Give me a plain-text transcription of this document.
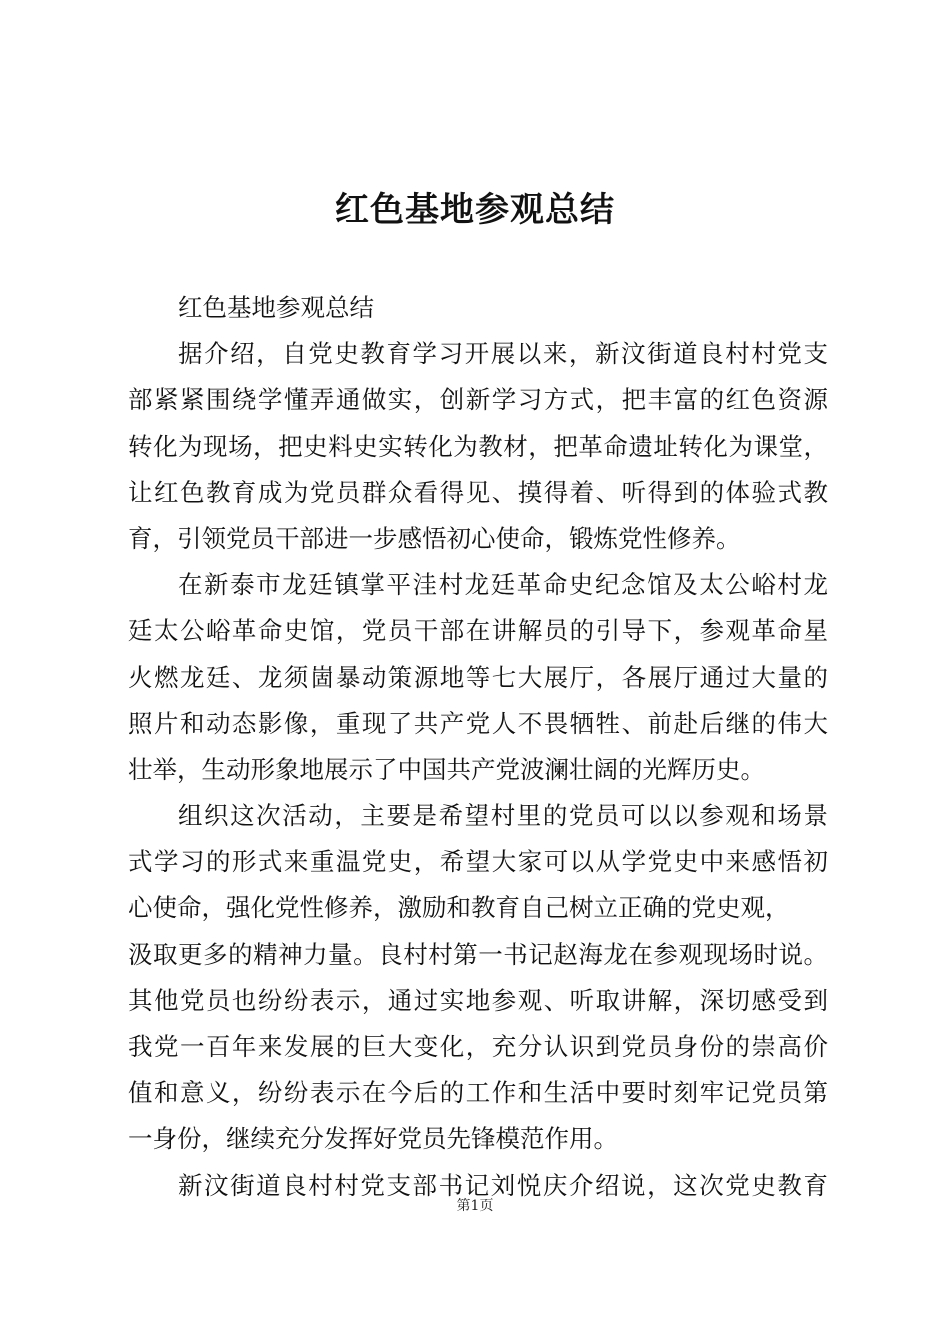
红色基地参观总结
红色基地参观总结
据介绍，自党史教育学习开展以来，新汶街道良村村党支
部紧紧围绕学懂弄通做实，创新学习方式，把丰富的红色资源
转化为现场，把史料史实转化为教材，把革命遗址转化为课堂，
让红色教育成为党员群众看得见、摸得着、听得到的体验式教
育，引领党员干部进一步感悟初心使命，锻炼党性修养。
在新泰市龙廷镇掌平洼村龙廷革命史纪念馆及太公峪村龙
廷太公峪革命史馆，党员干部在讲解员的引导下，参观革命星
火燃龙廷、龙须崮暴动策源地等七大展厅，各展厅通过大量的
照片和动态影像，重现了共产党人不畏牺牲、前赴后继的伟大
壮举，生动形象地展示了中国共产党波澜壮阔的光辉历史。
组织这次活动，主要是希望村里的党员可以以参观和场景
式学习的形式来重温党史，希望大家可以从学党史中来感悟初
心使命，强化党性修养，激励和教育自己树立正确的党史观，
汲取更多的精神力量。良村村第一书记赵海龙在参观现场时说。
其他党员也纷纷表示，通过实地参观、听取讲解，深切感受到
我党一百年来发展的巨大变化，充分认识到党员身份的崇高价
值和意义，纷纷表示在今后的工作和生活中要时刻牢记党员第
一身份，继续充分发挥好党员先锋模范作用。
新汶街道良村村党支部书记刘悦庆介绍说，这次党史教育
第1页
